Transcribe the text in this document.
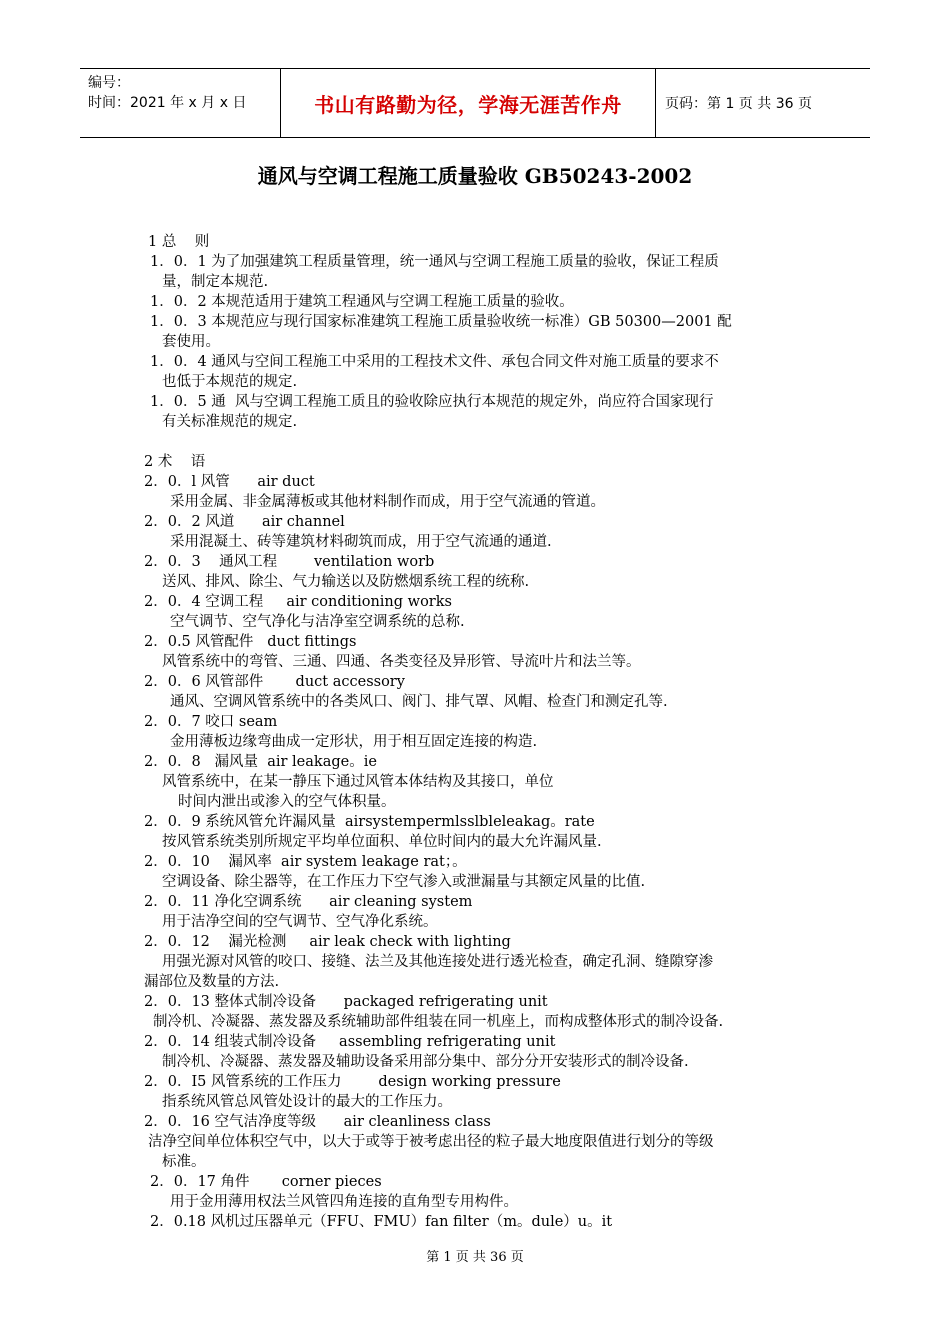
编号：
时间：2021 年 x 月 x 日	书山有路勤为径，学海无涯苦作舟	页码：第 1 页 共 36 页
通风与空调工程施工质量验收 GB50243-2002
1 总    则
1．0．1 为了加强建筑工程质量管理，统一通风与空调工程施工质量的验收，保证工程质
量，制定本规范.
1．0．2 本规范适用于建筑工程通风与空调工程施工质量的验收。
1．0．3 本规范应与现行国家标准建筑工程施工质量验收统一标准）GB 50300—2001 配
套使用。
1．0．4 通风与空间工程施工中采用的工程技术文件、承包合同文件对施工质量的要求不
也低于本规范的规定.
1．0．5 通  风与空调工程施工质且的验收除应执行本规范的规定外，尚应符合国家现行
有关标准规范的规定.
2 术    语
2．0．l 风管      air duct
采用金属、非金属薄板或其他材料制作而成，用于空气流通的管道。
2．0．2 风道      air channel
采用混凝土、砖等建筑材料砌筑而成，用于空气流通的通道.
2．0．3    通风工程        ventilation worb
送风、排风、除尘、气力输送以及防燃烟系统工程的统称.
2．0．4 空调工程     air conditioning works
空气调节、空气净化与洁净室空调系统的总称.
2．0.5 风管配件   duct fittings
风管系统中的弯管、三通、四通、各类变径及异形管、导流叶片和法兰等。
2．0．6 风管部件       duct accessory
通风、空调风管系统中的各类风口、阀门、排气罩、风帽、检查门和测定孔等.
2．0．7 咬口 seam
金用薄板边缘弯曲成一定形状，用于相互固定连接的构造.
2．0．8   漏风量  air leakage。ie
风管系统中，在某一静压下通过风管本体结构及其接口，单位
时间内泄出或渗入的空气体积量。
2．0．9 系统风管允许漏风量  airsystempermlsslbleleakag。rate
按风管系统类别所规定平均单位面积、单位时间内的最大允许漏风量.
2．0．10    漏风率  air system leakage rat；。
空调设备、除尘器等，在工作压力下空气渗入或泄漏量与其额定风量的比值.
2．0．11 净化空调系统      air cleaning system
用于洁净空间的空气调节、空气净化系统。
2．0．12    漏光检测     air leak check with lighting
用强光源对风管的咬口、接缝、法兰及其他连接处进行透光检查，确定孔洞、缝隙穿渗
漏部位及数量的方法.
2．0．13 整体式制冷设备      packaged refrigerating unit
制冷机、冷凝器、蒸发器及系统辅助部件组装在同一机座上，而构成整体形式的制冷设备.
2．0．14 组装式制冷设备     assembling refrigerating unit
制冷机、冷凝器、蒸发器及辅助设备采用部分集中、部分分开安装形式的制冷设备.
2．0．I5 风管系统的工作压力        design working pressure
指系统风管总风管处设计的最大的工作压力。
2．0．16 空气洁净度等级      air cleanliness class
洁净空间单位体积空气中，以大于或等于被考虑出径的粒子最大地度限值进行划分的等级
标准。
2．0．17 角件       corner pieces
用于金用薄用权法兰风管四角连接的直角型专用构件。
2．0.18 风机过压器单元（FFU、FMU）fan filter（m。dule）u。it
第 1 页 共 36 页
